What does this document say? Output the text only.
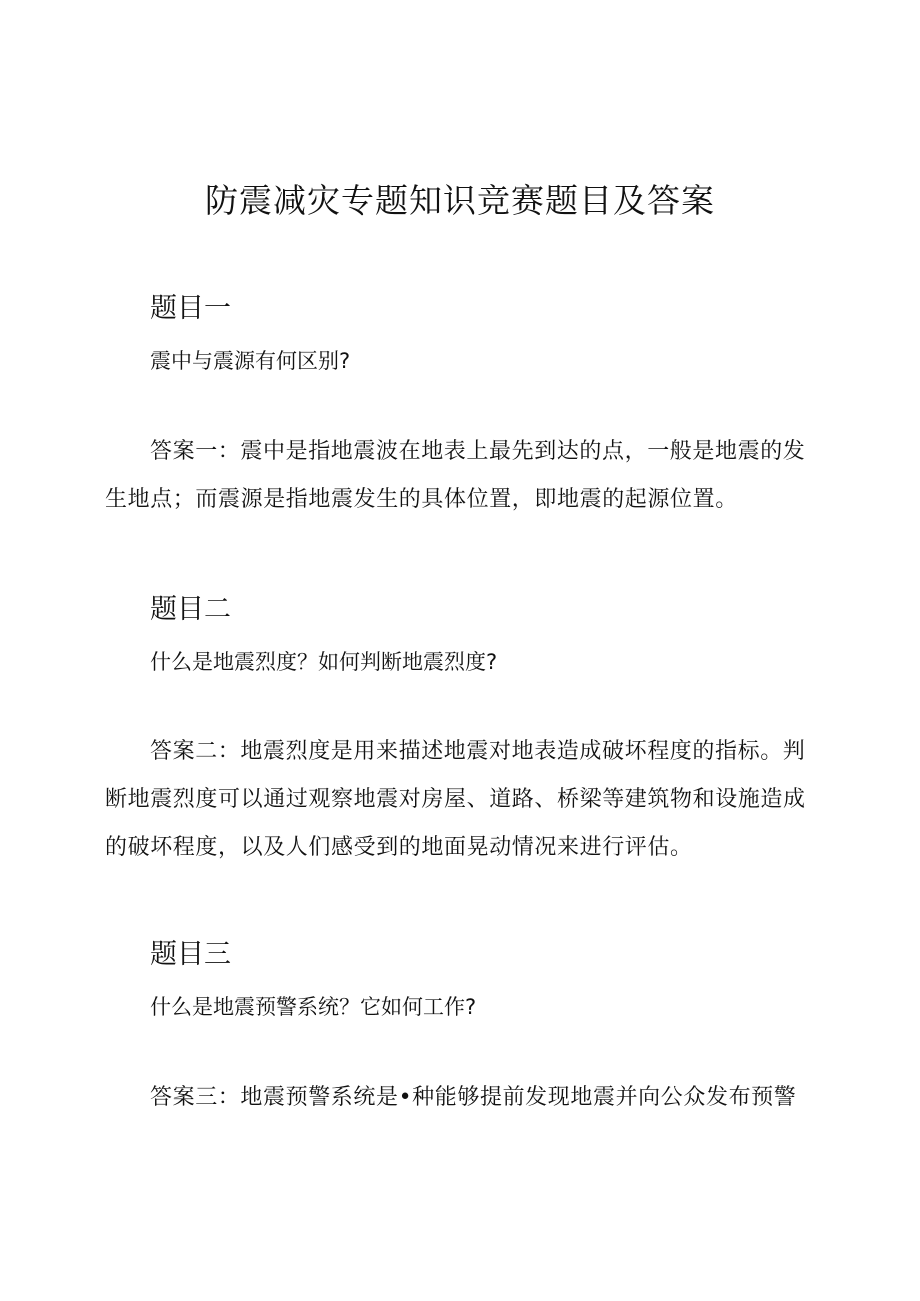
防震减灾专题知识竞赛题目及答案
题目一
震中与震源有何区别?

答案一：震中是指地震波在地表上最先到达的点，一般是地震的发生地点；而震源是指地震发生的具体位置，即地震的起源位置。

题目二
什么是地震烈度？如何判断地震烈度?

答案二：地震烈度是用来描述地震对地表造成破坏程度的指标。判断地震烈度可以通过观察地震对房屋、道路、桥梁等建筑物和设施造成的破坏程度，以及人们感受到的地面晃动情况来进行评估。

题目三
什么是地震预警系统？它如何工作?

答案三：地震预警系统是•种能够提前发现地震并向公众发布预警
